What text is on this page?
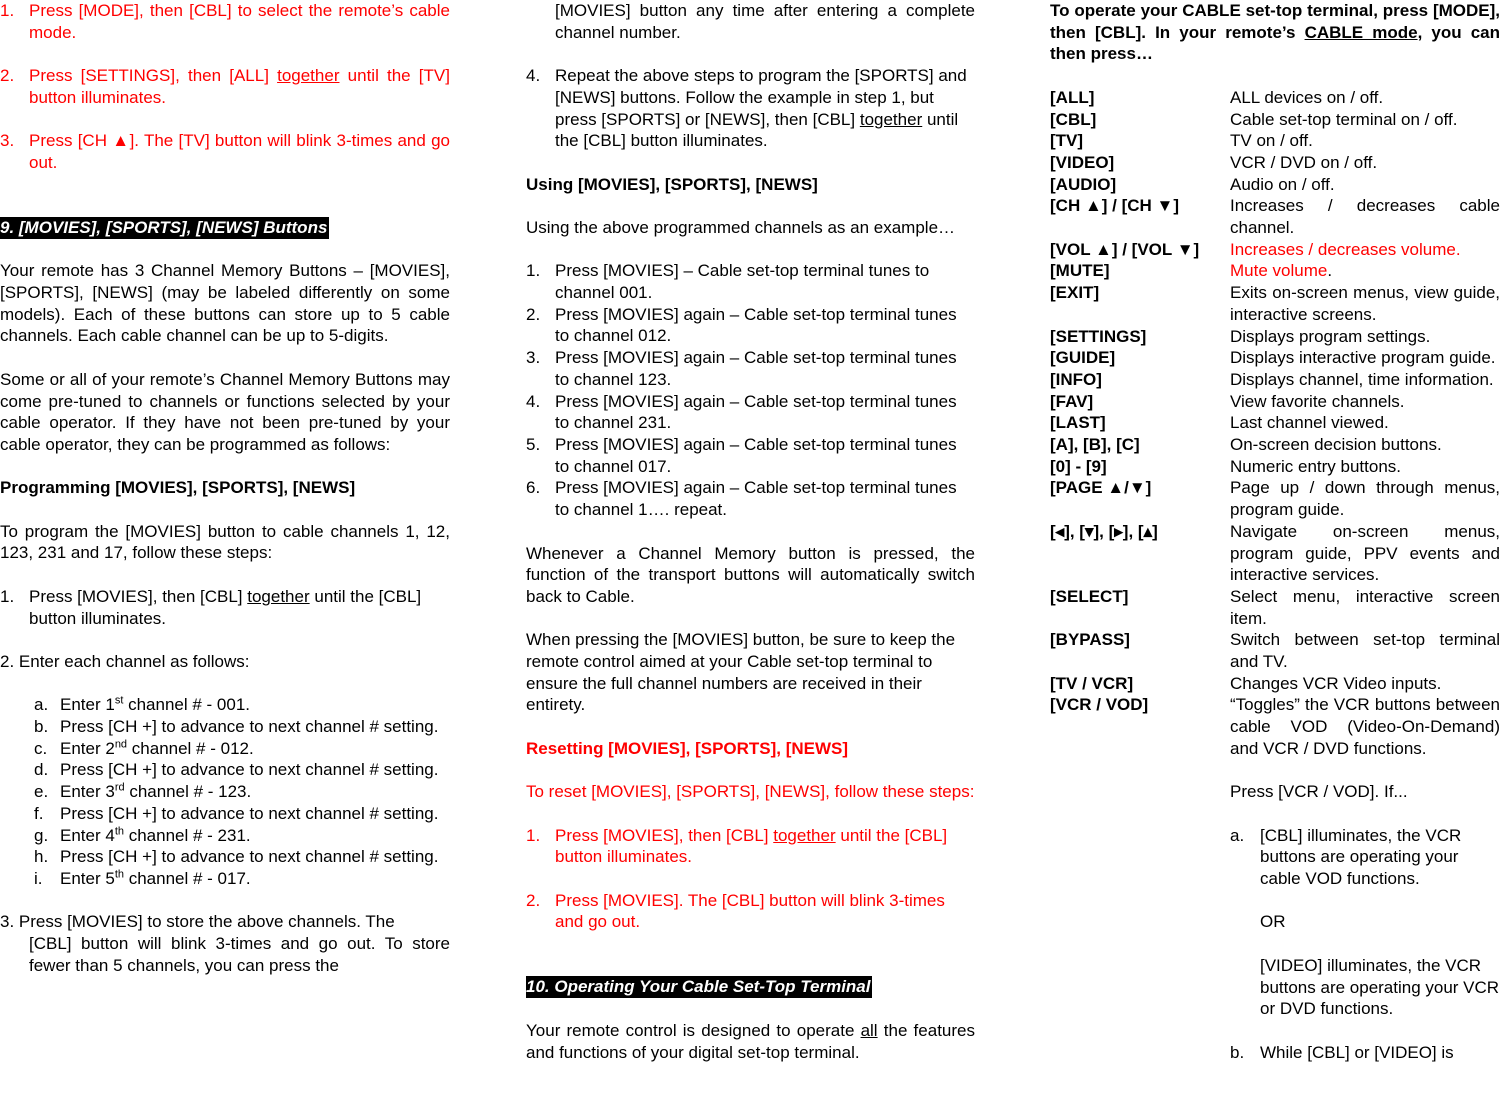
1. Press [MODE], then [CBL] to select the remote’s cable mode.
2. Press [SETTINGS], then [ALL] together until the [TV] button illuminates.
3. Press [CH ▲]. The [TV] button will blink 3-times and go out.

9. [MOVIES], [SPORTS], [NEWS] Buttons

Your remote has 3 Channel Memory Buttons – [MOVIES], [SPORTS], [NEWS] (may be labeled differently on some models). Each of these buttons can store up to 5 cable channels. Each cable channel can be up to 5-digits.

Some or all of your remote’s Channel Memory Buttons may come pre-tuned to channels or functions selected by your cable operator. If they have not been pre-tuned by your cable operator, they can be programmed as follows:

Programming [MOVIES], [SPORTS], [NEWS]

To program the [MOVIES] button to cable channels 1, 12, 123, 231 and 17, follow these steps:

1. Press [MOVIES], then [CBL] together until the [CBL] button illuminates.

2. Enter each channel as follows:

a. Enter 1st channel # - 001.
b. Press [CH +] to advance to next channel # setting.
c. Enter 2nd channel # - 012.
d. Press [CH +] to advance to next channel # setting.
e. Enter 3rd channel # - 123.
f. Press [CH +] to advance to next channel # setting.
g. Enter 4th channel # - 231.
h. Press [CH +] to advance to next channel # setting.
i.	Enter 5th channel # - 017.

3. Press [MOVIES] to store the above channels. The

[CBL] button will blink 3-times and go out. To store fewer than 5 channels, you can press the

[MOVIES] button any time after entering a complete channel number.

4. Repeat the above steps to program the [SPORTS] and [NEWS] buttons. Follow the example in step 1, but press [SPORTS] or [NEWS], then [CBL] together until the [CBL] button illuminates.

Using [MOVIES], [SPORTS], [NEWS]

Using the above programmed channels as an example…

1. Press [MOVIES] – Cable set-top terminal tunes to channel 001.
2. Press [MOVIES] again – Cable set-top terminal tunes to channel 012.
3. Press [MOVIES] again – Cable set-top terminal tunes to channel 123.
4. Press [MOVIES] again – Cable set-top terminal tunes to channel 231.
5. Press [MOVIES] again – Cable set-top terminal tunes to channel 017.
6. Press [MOVIES] again – Cable set-top terminal tunes to channel 1…. repeat.

Whenever a Channel Memory button is pressed, the function of the transport buttons will automatically switch back to Cable.

When pressing the [MOVIES] button, be sure to keep the remote control aimed at your Cable set-top terminal to ensure the full channel numbers are received in their entirety.

Resetting [MOVIES], [SPORTS], [NEWS]

To reset [MOVIES], [SPORTS], [NEWS], follow these steps:

1. Press [MOVIES], then [CBL] together until the [CBL] button illuminates.
2. Press [MOVIES]. The [CBL] button will blink 3-times and go out.

10. Operating Your Cable Set-Top Terminal

Your remote control is designed to operate all the features and functions of your digital set-top terminal.

To operate your CABLE set-top terminal, press [MODE], then [CBL]. In your remote’s CABLE mode, you can then press…

[ALL]	ALL devices on / off.
[CBL]	Cable set-top terminal on / off.
[TV]	TV on / off.
[VIDEO]	VCR / DVD on / off.
[AUDIO]	Audio on / off.
[CH ▲] / [CH ▼]	Increases / decreases cable channel.
[VOL ▲] / [VOL ▼]	Increases / decreases volume.
[MUTE]	Mute volume.
[EXIT]	Exits on-screen menus, view guide, interactive screens.
[SETTINGS]	Displays program settings.
[GUIDE]	Displays interactive program guide.
[INFO]	Displays channel, time information.
[FAV]	View favorite channels.
[LAST]	Last channel viewed.
[A], [B], [C]	On-screen decision buttons.
[0] - [9]	Numeric entry buttons.
[PAGE ▲/▼]	Page up / down through menus, program guide.
[◂], [▾], [▸], [▴]	Navigate on-screen menus, program guide, PPV events and interactive services.
[SELECT]	Select menu, interactive screen item.
[BYPASS]	Switch between set-top terminal and TV.
[TV / VCR]	Changes VCR Video inputs.
[VCR / VOD]	“Toggles” the VCR buttons between cable VOD (Video-On-Demand) and VCR / DVD functions.

Press [VCR / VOD]. If...

a. [CBL] illuminates, the VCR buttons are operating your cable VOD functions.

OR

[VIDEO] illuminates, the VCR buttons are operating your VCR or DVD functions.

b. While [CBL] or [VIDEO] is
